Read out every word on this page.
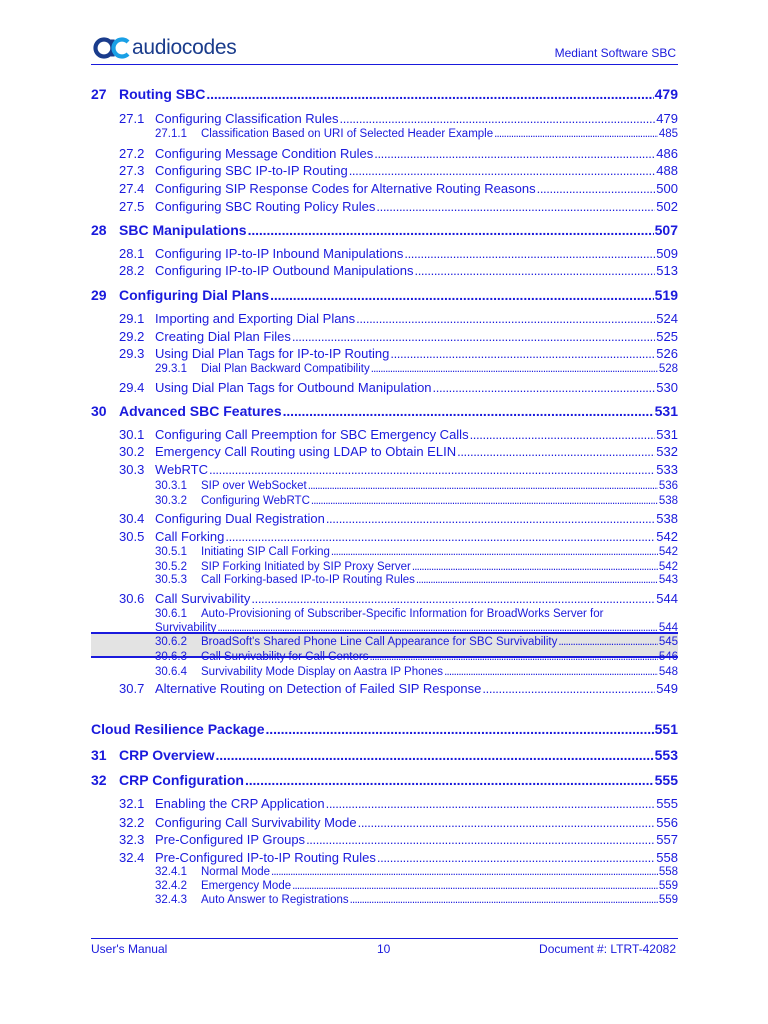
audiocodes	Mediant Software SBC
27 Routing SBC . . .	479
27.1 Configuring Classification Rules . . .	479
27.1.1	Classification Based on URI of Selected Header Example . . .	485
27.2 Configuring Message Condition Rules . . .	486
27.3 Configuring SBC IP-to-IP Routing . . .	488
27.4 Configuring SIP Response Codes for Alternative Routing Reasons . . .	500
27.5 Configuring SBC Routing Policy Rules . . .	502
28 SBC Manipulations . . .	507
28.1 Configuring IP-to-IP Inbound Manipulations . . .	509
28.2 Configuring IP-to-IP Outbound Manipulations . . .	513
29 Configuring Dial Plans . . .	519
29.1 Importing and Exporting Dial Plans . . .	524
29.2 Creating Dial Plan Files . . .	525
29.3 Using Dial Plan Tags for IP-to-IP Routing . . .	526
29.3.1	Dial Plan Backward Compatibility . . .	528
29.4 Using Dial Plan Tags for Outbound Manipulation . . .	530
30 Advanced SBC Features . . .	531
30.1 Configuring Call Preemption for SBC Emergency Calls . . .	531
30.2 Emergency Call Routing using LDAP to Obtain ELIN . . .	532
30.3 WebRTC . . .	533
30.3.1	SIP over WebSocket . . .	536
30.3.2	Configuring WebRTC . . .	538
30.4 Configuring Dual Registration . . .	538
30.5 Call Forking . . .	542
30.5.1	Initiating SIP Call Forking . . .	542
30.5.2	SIP Forking Initiated by SIP Proxy Server . . .	542
30.5.3	Call Forking-based IP-to-IP Routing Rules . . .	543
30.6 Call Survivability . . .	544
30.6.1 Auto-Provisioning of Subscriber-Specific Information for BroadWorks Server for
Survivability . . .	544
30.6.2	BroadSoft's Shared Phone Line Call Appearance for SBC Survivability . . .	545
30.6.3	Call Survivability for Call Centers . . .	546
30.6.4	Survivability Mode Display on Aastra IP Phones . . .	548
30.7 Alternative Routing on Detection of Failed SIP Response . . .	549
Cloud Resilience Package . . .	551
31 CRP Overview . . .	553
32 CRP Configuration . . .	555
32.1 Enabling the CRP Application . . .	555
32.2 Configuring Call Survivability Mode . . .	556
32.3 Pre-Configured IP Groups . . .	557
32.4 Pre-Configured IP-to-IP Routing Rules . . .	558
32.4.1	Normal Mode . . .	558
32.4.2	Emergency Mode . . .	559
32.4.3	Auto Answer to Registrations . . .	559
User's Manual	10	Document #: LTRT-42082
